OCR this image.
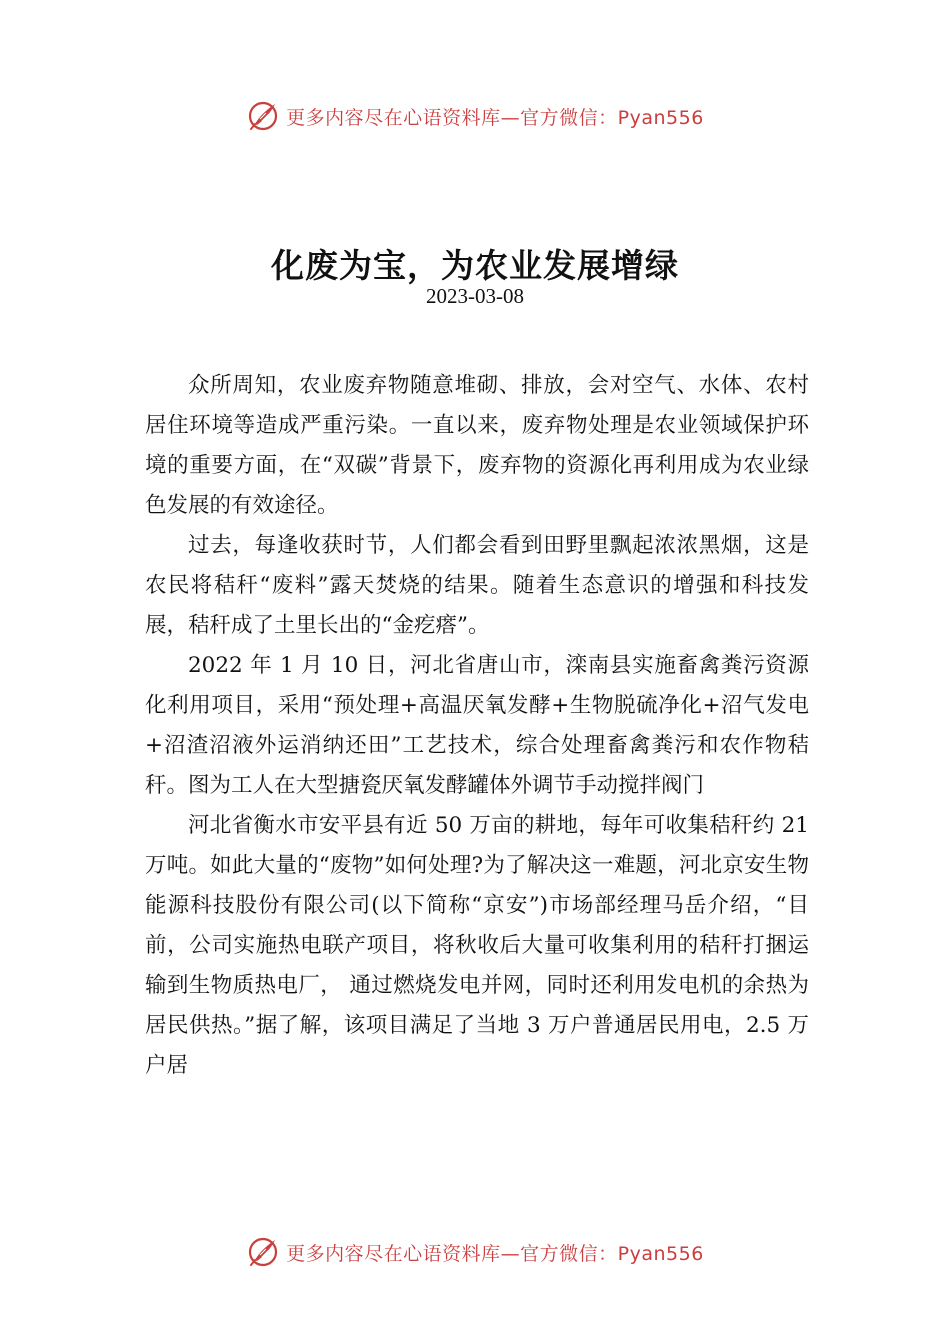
更多内容尽在心语资料库—官方微信：Pyan556
化废为宝，为农业发展增绿
2023-03-08

众所周知，农业废弃物随意堆砌、排放，会对空气、水体、农村居住环境等造成严重污染。一直以来，废弃物处理是农业领域保护环境的重要方面，在“双碳”背景下，废弃物的资源化再利用成为农业绿色发展的有效途径。

过去，每逢收获时节，人们都会看到田野里飘起浓浓黑烟，这是农民将秸秆“废料”露天焚烧的结果。随着生态意识的增强和科技发展，秸秆成了土里长出的“金疙瘩”。

2022 年 1 月 10 日，河北省唐山市，滦南县实施畜禽粪污资源化利用项目，采用“预处理+高温厌氧发酵+生物脱硫净化+沼气发电+沼渣沼液外运消纳还田”工艺技术，综合处理畜禽粪污和农作物秸秆。图为工人在大型搪瓷厌氧发酵罐体外调节手动搅拌阀门

河北省衡水市安平县有近 50 万亩的耕地，每年可收集秸秆约 21 万吨。如此大量的“废物”如何处理?为了解决这一难题，河北京安生物能源科技股份有限公司(以下简称“京安”)市场部经理马岳介绍，“目前，公司实施热电联产项目，将秋收后大量可收集利用的秸秆打捆运输到生物质热电厂， 通过燃烧发电并网，同时还利用发电机的余热为居民供热。”据了解，该项目满足了当地 3 万户普通居民用电，2.5 万户居

更多内容尽在心语资料库—官方微信：Pyan556
